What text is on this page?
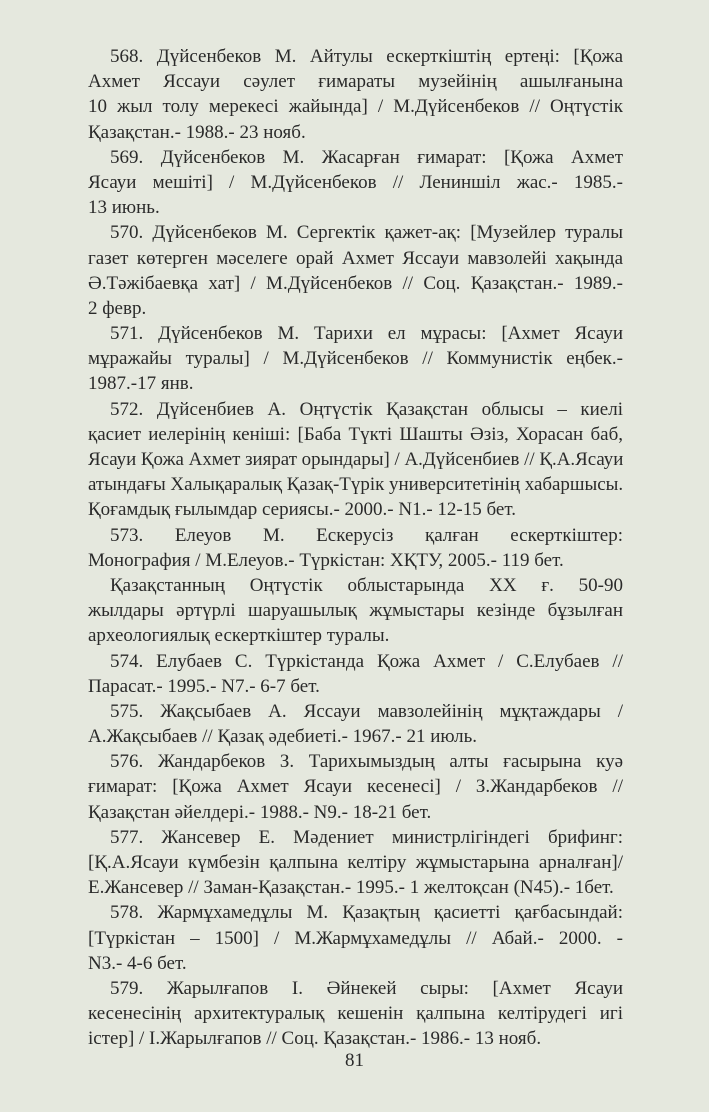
568. Дүйсенбеков М. Айтулы ескерткіштің ертеңі: [Қожа
Ахмет Яссауи сәулет ғимараты музейінің ашылғанына
10 жыл толу мерекесі жайында] / М.Дүйсенбеков // Оңтүстік
Қазақстан.- 1988.- 23 нояб.
569. Дүйсенбеков М. Жасарған ғимарат: [Қожа Ахмет
Ясауи мешіті] / М.Дүйсенбеков // Лениншіл жас.- 1985.-
13 июнь.
570. Дүйсенбеков М. Сергектік қажет-ақ: [Музейлер туралы
газет көтерген мәселеге орай Ахмет Яссауи мавзолейі хақында
Ә.Тәжібаевқа хат] / М.Дүйсенбеков // Соц. Қазақстан.- 1989.-
2 февр.
571. Дүйсенбеков М. Тарихи ел мұрасы: [Ахмет Ясауи
мұражайы туралы] / М.Дүйсенбеков // Коммунистік еңбек.-
1987.-17 янв.
572. Дүйсенбиев А. Оңтүстік Қазақстан облысы – киелі
қасиет иелерінің кеніші: [Баба Түкті Шашты Әзіз, Хорасан баб,
Ясауи Қожа Ахмет зиярат орындары] / А.Дүйсенбиев // Қ.А.Ясауи
атындағы Халықаралық Қазақ-Түрік университетінің хабаршысы.
Қоғамдық ғылымдар сериясы.- 2000.- N1.- 12-15 бет.
573. Елеуов М. Ескерусіз қалған ескерткіштер:
Монография / М.Елеуов.- Түркістан: ХҚТУ, 2005.- 119 бет.
Қазақстанның Оңтүстік облыстарында XX ғ. 50-90
жылдары әртүрлі шаруашылық жұмыстары кезінде бұзылған
археологиялық ескерткіштер туралы.
574. Елубаев С. Түркістанда Қожа Ахмет / С.Елубаев //
Парасат.- 1995.- N7.- 6-7 бет.
575. Жақсыбаев А. Яссауи мавзолейінің мұқтаждары /
А.Жақсыбаев // Қазақ әдебиеті.- 1967.- 21 июль.
576. Жандарбеков З. Тарихымыздың алты ғасырына куә
ғимарат: [Қожа Ахмет Ясауи кесенесі] / З.Жандарбеков //
Қазақстан әйелдері.- 1988.- N9.- 18-21 бет.
577. Жансевер Е. Мәдениет министрлігіндегі брифинг:
[Қ.А.Ясауи күмбезін қалпына келтіру жұмыстарына арналған]/
Е.Жансевер // Заман-Қазақстан.- 1995.- 1 желтоқсан (N45).- 1бет.
578. Жармұхамедұлы М. Қазақтың қасиетті қағбасындай:
[Түркістан – 1500] / М.Жармұхамедұлы // Абай.- 2000. -
N3.- 4-6 бет.
579. Жарылғапов І. Әйнекей сыры: [Ахмет Ясауи
кесенесінің архитектуралық кешенін қалпына келтірудегі игі
істер] / І.Жарылғапов // Соц. Қазақстан.- 1986.- 13 нояб.
81
